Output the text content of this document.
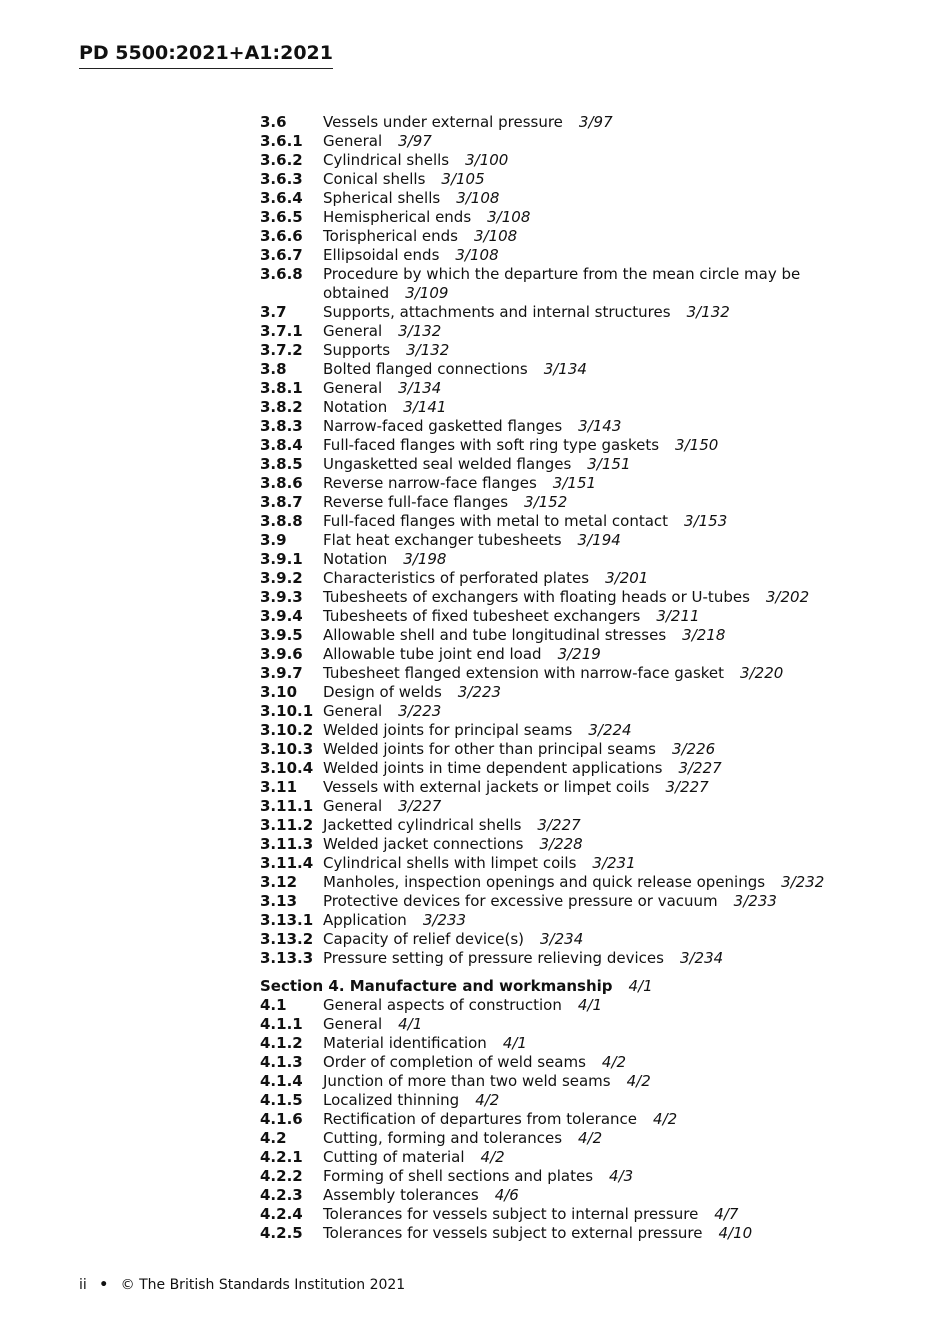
PD 5500:2021+A1:2021
3.6	Vessels under external pressure 3/97
3.6.1	General 3/97
3.6.2	Cylindrical shells 3/100
3.6.3	Conical shells 3/105
3.6.4	Spherical shells 3/108
3.6.5	Hemispherical ends 3/108
3.6.6	Torispherical ends 3/108
3.6.7	Ellipsoidal ends 3/108
3.6.8	Procedure by which the departure from the mean circle may be obtained 3/109
3.7	Supports, attachments and internal structures 3/132
3.7.1	General 3/132
3.7.2	Supports 3/132
3.8	Bolted flanged connections 3/134
3.8.1	General 3/134
3.8.2	Notation 3/141
3.8.3	Narrow-faced gasketted flanges 3/143
3.8.4	Full-faced flanges with soft ring type gaskets 3/150
3.8.5	Ungasketted seal welded flanges 3/151
3.8.6	Reverse narrow-face flanges 3/151
3.8.7	Reverse full-face flanges 3/152
3.8.8	Full-faced flanges with metal to metal contact 3/153
3.9	Flat heat exchanger tubesheets 3/194
3.9.1	Notation 3/198
3.9.2	Characteristics of perforated plates 3/201
3.9.3	Tubesheets of exchangers with floating heads or U-tubes 3/202
3.9.4	Tubesheets of fixed tubesheet exchangers 3/211
3.9.5	Allowable shell and tube longitudinal stresses 3/218
3.9.6	Allowable tube joint end load 3/219
3.9.7	Tubesheet flanged extension with narrow-face gasket 3/220
3.10	Design of welds 3/223
3.10.1 General 3/223
3.10.2 Welded joints for principal seams 3/224
3.10.3 Welded joints for other than principal seams 3/226
3.10.4 Welded joints in time dependent applications 3/227
3.11	Vessels with external jackets or limpet coils 3/227
3.11.1 General 3/227
3.11.2 Jacketted cylindrical shells 3/227
3.11.3 Welded jacket connections 3/228
3.11.4 Cylindrical shells with limpet coils 3/231
3.12	Manholes, inspection openings and quick release openings 3/232
3.13	Protective devices for excessive pressure or vacuum 3/233
3.13.1 Application 3/233
3.13.2 Capacity of relief device(s) 3/234
3.13.3 Pressure setting of pressure relieving devices 3/234
Section 4. Manufacture and workmanship 4/1
4.1	General aspects of construction 4/1
4.1.1	General 4/1
4.1.2	Material identification 4/1
4.1.3	Order of completion of weld seams 4/2
4.1.4	Junction of more than two weld seams 4/2
4.1.5	Localized thinning 4/2
4.1.6	Rectification of departures from tolerance 4/2
4.2	Cutting, forming and tolerances 4/2
4.2.1	Cutting of material 4/2
4.2.2	Forming of shell sections and plates 4/3
4.2.3	Assembly tolerances 4/6
4.2.4	Tolerances for vessels subject to internal pressure 4/7
4.2.5	Tolerances for vessels subject to external pressure 4/10
ii • © The British Standards Institution 2021
